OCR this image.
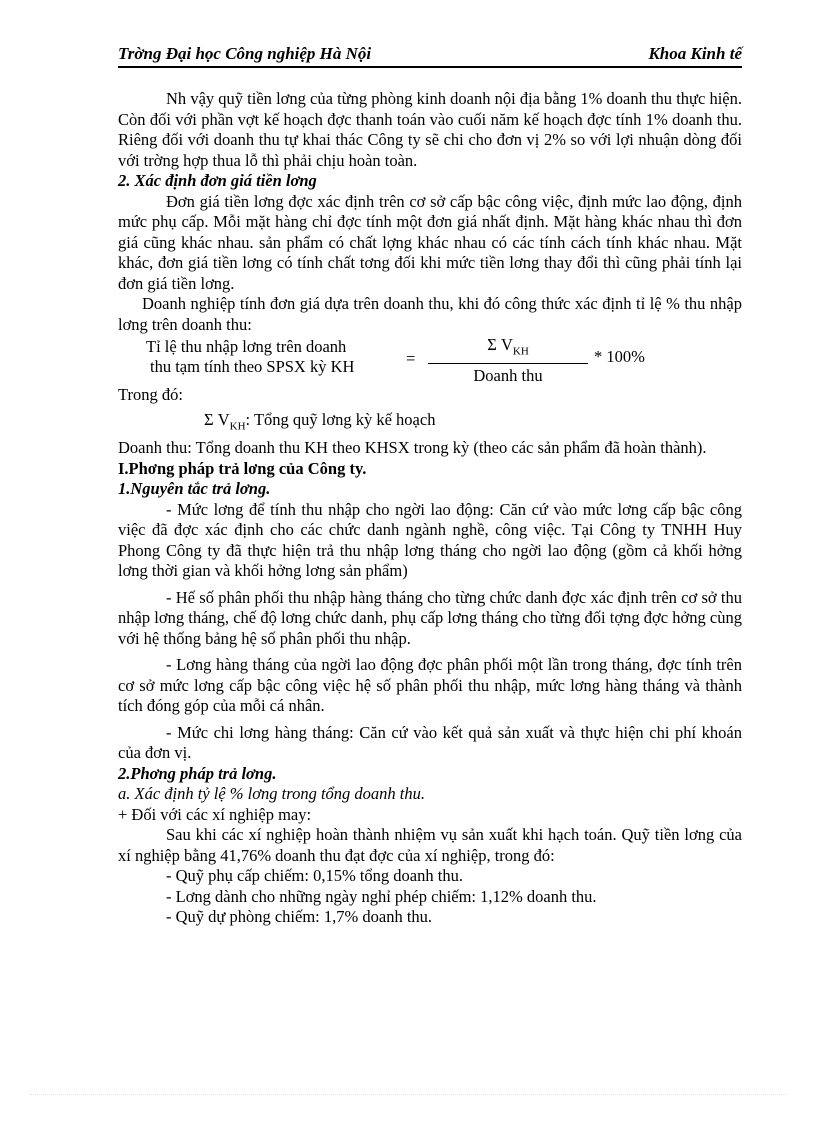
Trờng Đại học Công nghiệp Hà Nội	Khoa Kinh tế

Nh vậy quỹ tiền lơng của từng phòng kinh doanh nội địa bằng 1% doanh thu thực hiện. Còn đối với phần vợt kế hoạch đợc thanh toán vào cuối năm kế hoạch đợc tính 1% doanh thu. Riêng đối với doanh thu tự khai thác Công ty sẽ chi cho đơn vị 2% so với lợi nhuận dòng đối với trờng hợp thua lỗ thì phải chịu hoàn toàn.

2. Xác định đơn giá tiền lơng

Đơn giá tiền lơng đợc xác định trên cơ sở cấp bậc công việc, định mức lao động, định mức phụ cấp. Mỗi mặt hàng chỉ đợc tính một đơn giá nhất định. Mặt hàng khác nhau thì đơn giá cũng khác nhau. sản phẩm có chất lợng khác nhau có các tính cách tính khác nhau. Mặt khác, đơn giá tiền lơng có tính chất tơng đối khi mức tiền lơng thay đổi thì cũng phải tính lại đơn giá tiền lơng.

Doanh nghiệp tính đơn giá dựa trên doanh thu, khi đó công thức xác định tỉ lệ % thu nhập lơng trên doanh thu:

Tỉ lệ thu nhập lơng trên doanh
thu tạm tính theo SPSX kỳ KH	=
Σ $V_{KH}$
Doanh thu
* 100%

Trong đó:

Σ $V_{KH}$: Tổng quỹ lơng kỳ kế hoạch

Doanh thu: Tổng doanh thu KH theo KHSX trong kỳ (theo các sản phẩm đã hoàn thành).

I.Phơng pháp trả lơng của Công ty.

1.Nguyên tắc trả lơng.

- Mức lơng để tính thu nhập cho ngời lao động: Căn cứ vào mức lơng cấp bậc công việc đã đợc xác định cho các chức danh ngành nghề, công việc. Tại Công ty TNHH Huy Phong Công ty đã thực hiện trả thu nhập lơng tháng cho ngời lao động (gồm cả khối hởng lơng thời gian và khối hởng lơng sản phẩm)

- Hế số phân phối thu nhập hàng tháng cho từng chức danh đợc xác định trên cơ sở thu nhập lơng tháng, chế độ lơng chức danh, phụ cấp lơng tháng cho từng đối tợng đợc hởng cùng với hệ thống bảng hệ số phân phối thu nhập.

- Lơng hàng tháng của ngời lao động đợc phân phối một lần trong tháng, đợc tính trên cơ sở mức lơng cấp bậc công việc hệ số phân phối thu nhập, mức lơng hàng tháng và thành tích đóng góp của mỗi cá nhân.

- Mức chi lơng hàng tháng: Căn cứ vào kết quả sản xuất và thực hiện chi phí khoán của đơn vị.

2.Phơng pháp trả lơng.

a. Xác định tỷ lệ % lơng trong tổng doanh thu.

+ Đối với các xí nghiệp may:

Sau khi các xí nghiệp hoàn thành nhiệm vụ sản xuất khi hạch toán. Quỹ tiền lơng của xí nghiệp bằng 41,76% doanh thu đạt đợc của xí nghiệp, trong đó:

- Quỹ phụ cấp chiếm: 0,15% tổng doanh thu.

- Lơng dành cho những ngày nghỉ phép chiếm: 1,12% doanh thu.

- Quỹ dự phòng chiếm: 1,7% doanh thu.
